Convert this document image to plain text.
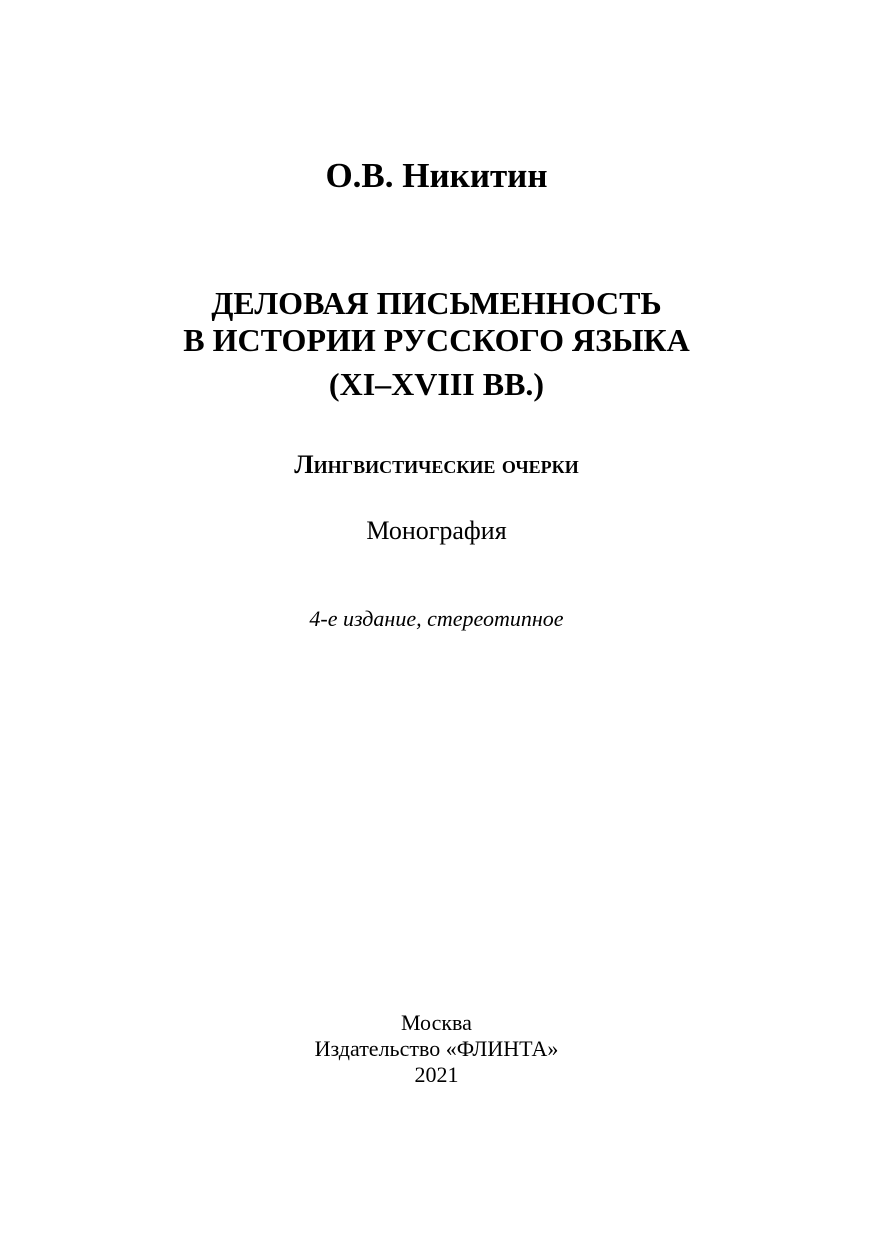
О.В. Никитин
ДЕЛОВАЯ ПИСЬМЕННОСТЬ
В ИСТОРИИ РУССКОГО ЯЗЫКА
(XI–XVIII ВВ.)
Лингвистические очерки
Монография
4-е издание, стереотипное
Москва
Издательство «ФЛИНТА»
2021
